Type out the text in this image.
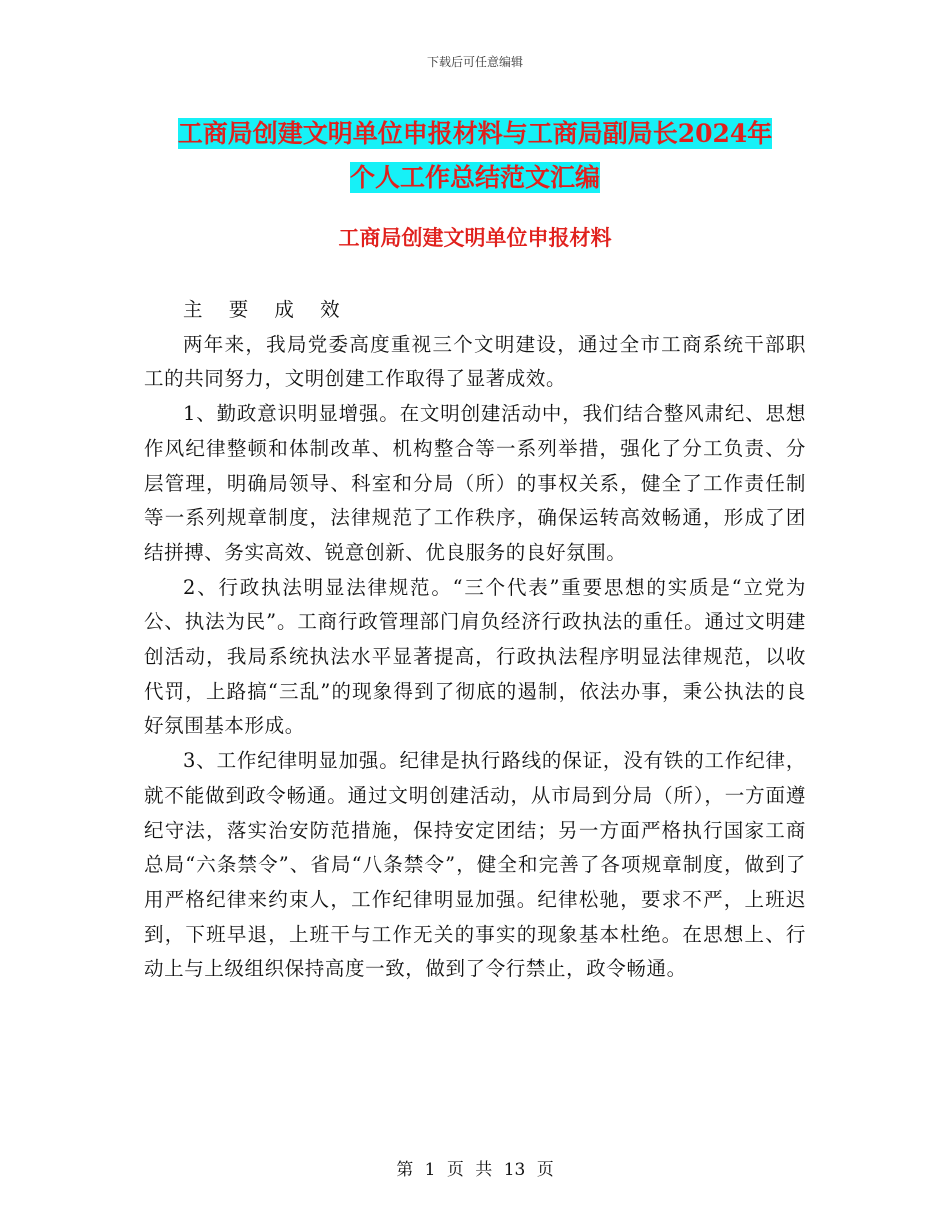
下载后可任意编辑
工商局创建文明单位申报材料与工商局副局长2024年
个人工作总结范文汇编
工商局创建文明单位申报材料

主 要 成 效

两年来，我局党委高度重视三个文明建设，通过全市工商系统干部职工的共同努力，文明创建工作取得了显著成效。

1、勤政意识明显增强。在文明创建活动中，我们结合整风肃纪、思想作风纪律整顿和体制改革、机构整合等一系列举措，强化了分工负责、分层管理，明确局领导、科室和分局（所）的事权关系，健全了工作责任制等一系列规章制度，法律规范了工作秩序，确保运转高效畅通，形成了团结拼搏、务实高效、锐意创新、优良服务的良好氛围。

2、行政执法明显法律规范。“三个代表”重要思想的实质是“立党为公、执法为民”。工商行政管理部门肩负经济行政执法的重任。通过文明建创活动，我局系统执法水平显著提高，行政执法程序明显法律规范，以收代罚，上路搞“三乱”的现象得到了彻底的遏制，依法办事，秉公执法的良好氛围基本形成。

3、工作纪律明显加强。纪律是执行路线的保证，没有铁的工作纪律，就不能做到政令畅通。通过文明创建活动，从市局到分局（所），一方面遵纪守法，落实治安防范措施，保持安定团结；另一方面严格执行国家工商总局“六条禁令”、省局“八条禁令”，健全和完善了各项规章制度，做到了用严格纪律来约束人，工作纪律明显加强。纪律松驰，要求不严，上班迟到，下班早退，上班干与工作无关的事实的现象基本杜绝。在思想上、行动上与上级组织保持高度一致，做到了令行禁止，政令畅通。

第 1 页 共 13 页
